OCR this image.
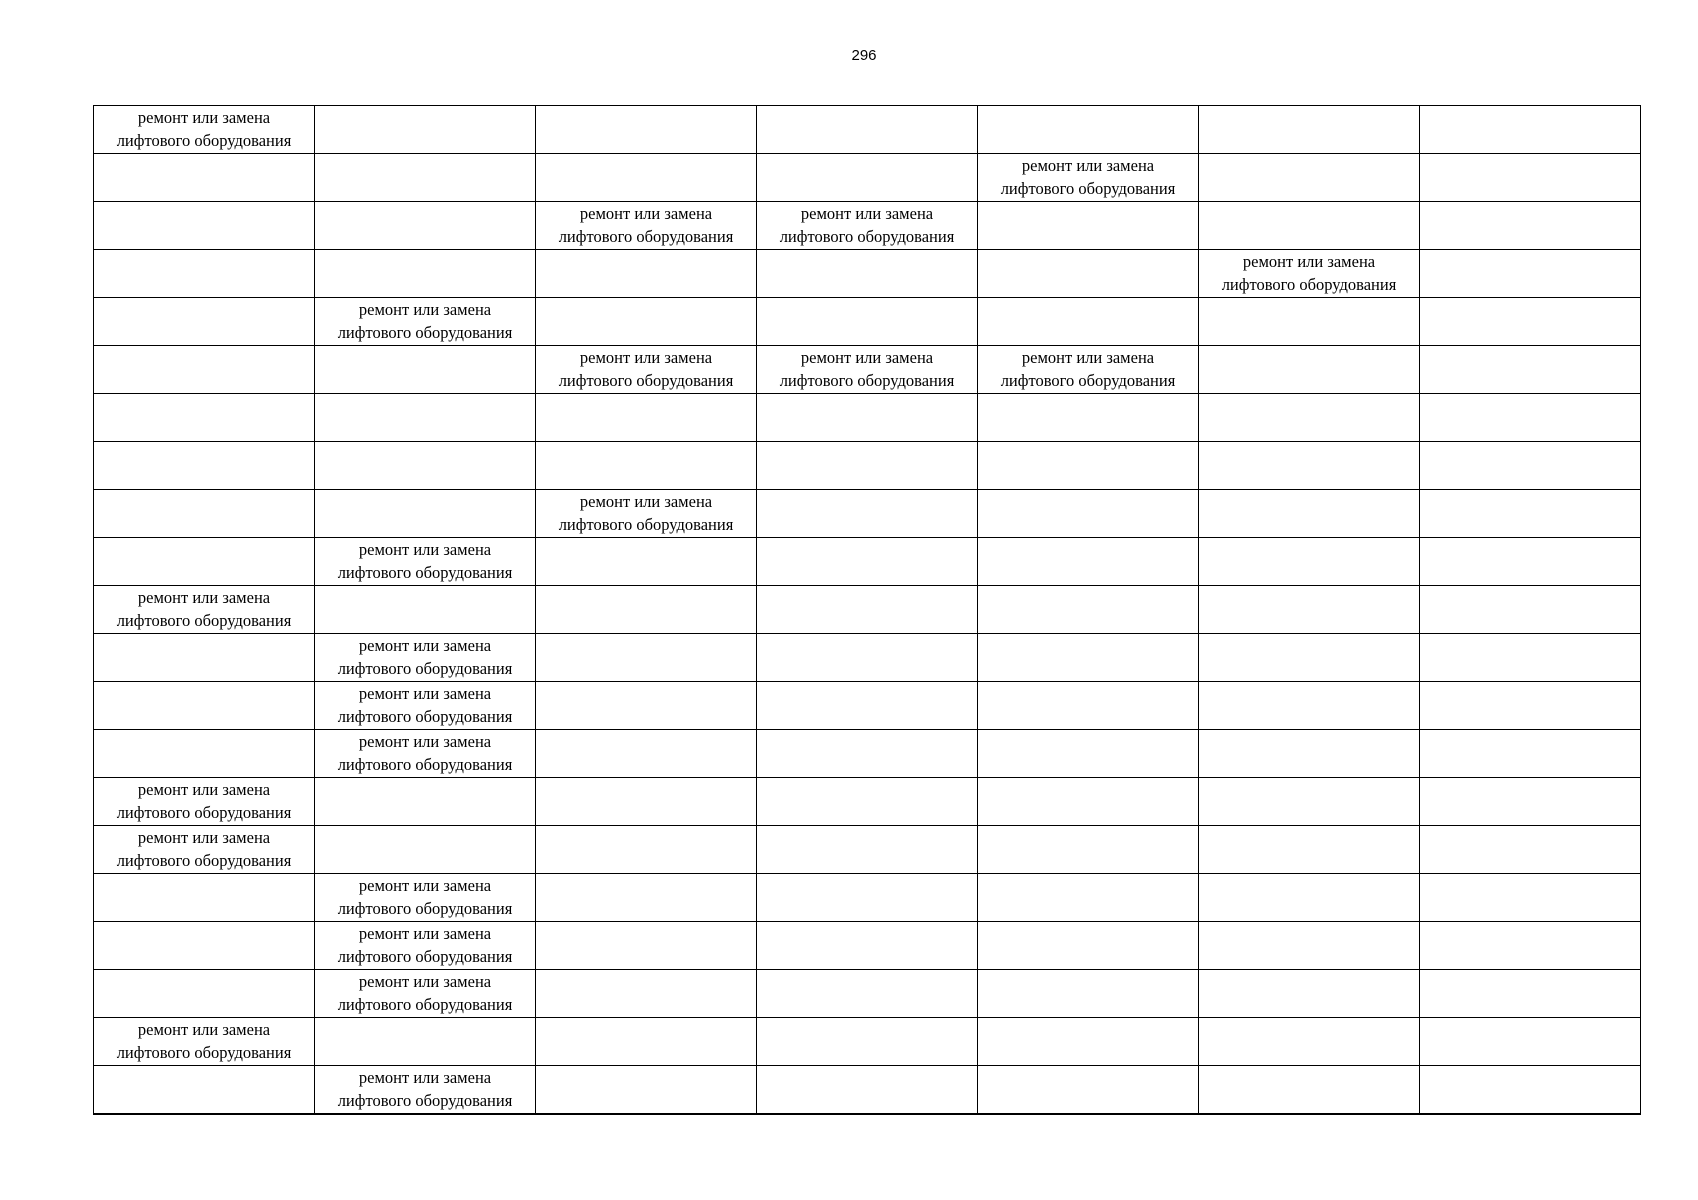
296
ремонт или замена
лифтового оборудования						

				ремонт или замена
лифтового оборудования		

		ремонт или замена
лифтового оборудования	ремонт или замена
лифтового оборудования			

					ремонт или замена
лифтового оборудования	

	ремонт или замена
лифтового оборудования					

		ремонт или замена
лифтового оборудования	ремонт или замена
лифтового оборудования	ремонт или замена
лифтового оборудования		

		ремонт или замена
лифтового оборудования				

	ремонт или замена
лифтового оборудования					

ремонт или замена
лифтового оборудования						

	ремонт или замена
лифтового оборудования					

	ремонт или замена
лифтового оборудования					

	ремонт или замена
лифтового оборудования					

ремонт или замена
лифтового оборудования						

ремонт или замена
лифтового оборудования						

	ремонт или замена
лифтового оборудования					

	ремонт или замена
лифтового оборудования					

	ремонт или замена
лифтового оборудования					

ремонт или замена
лифтового оборудования						

	ремонт или замена
лифтового оборудования					
